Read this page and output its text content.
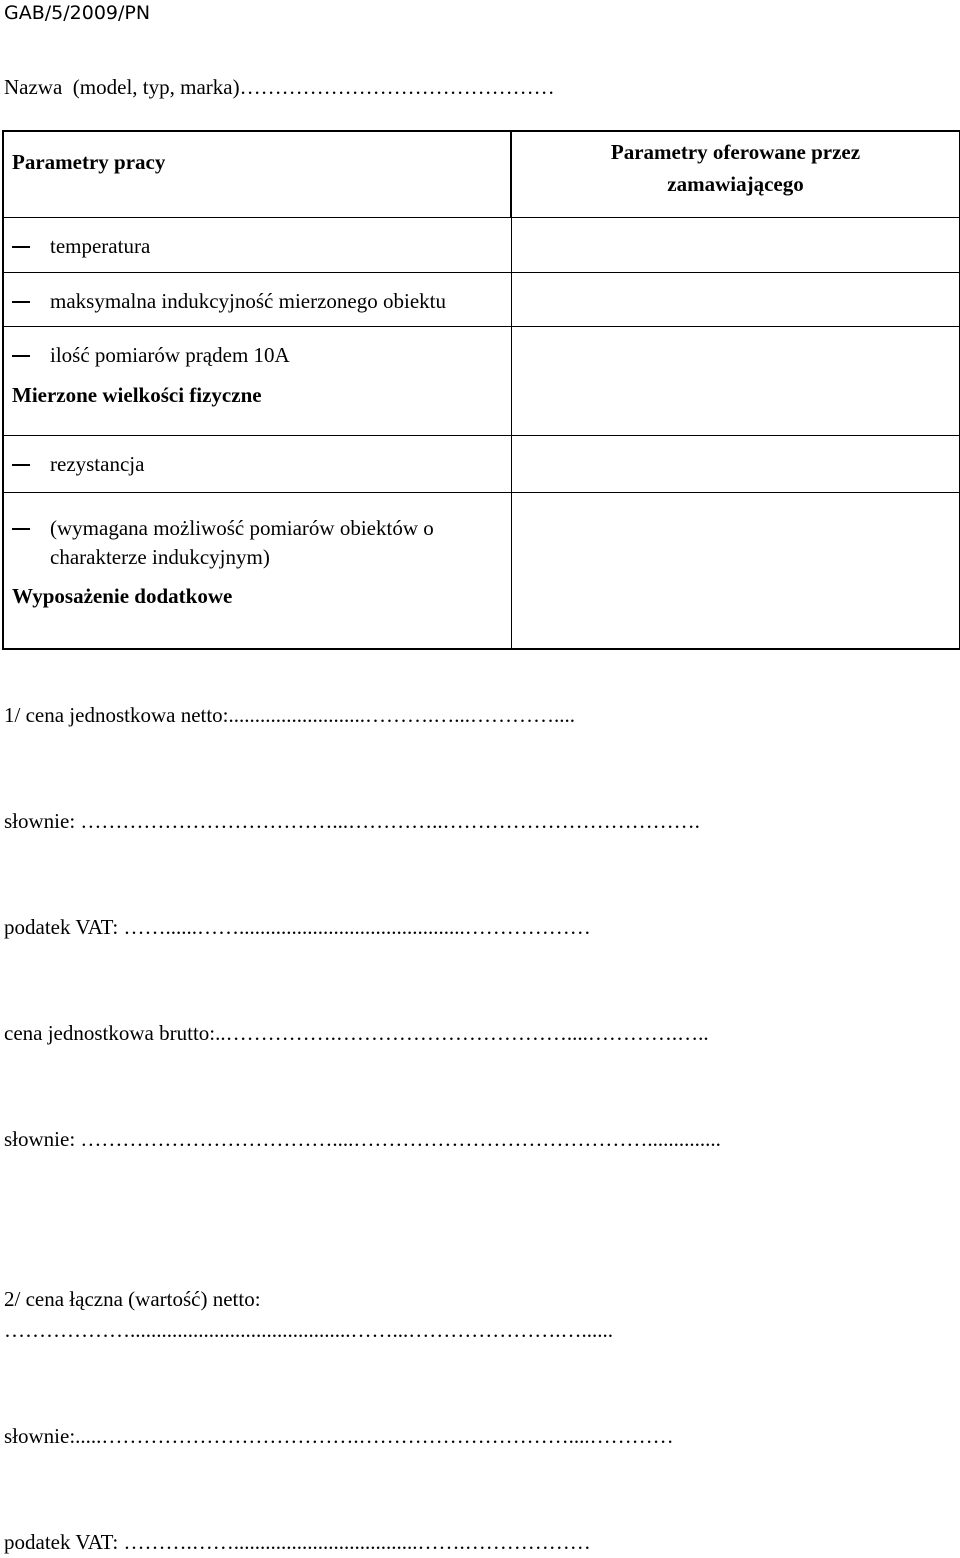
GAB/5/2009/PN
Nazwa  (model, typ, marka)………………………………………
Parametry pracy	Parametry oferowane przez zamawiającego

temperatura	

maksymalna indukcyjność mierzonego obiektu	

ilość pomiarów prądem 10A
Mierzone wielkości fizyczne	

rezystancja	

(wymagana możliwość pomiarów obiektów o charakterze indukcyjnym)
Wyposażenie dodatkowe	

1/ cena jednostkowa netto:..........................……….…...…………....
słownie: ………………………………...…………..……………………………….
podatek VAT: ……......……...........................................………………
cena jednostkowa brutto:..…………….……………………………....………….…..
słownie: ………………………………....……………………………………..............
2/ cena łączna (wartość) netto:
………………..........................................……...………………….…......
słownie:.....……………………………….…………………………....…………
podatek VAT: ……….……...................................…….………………
